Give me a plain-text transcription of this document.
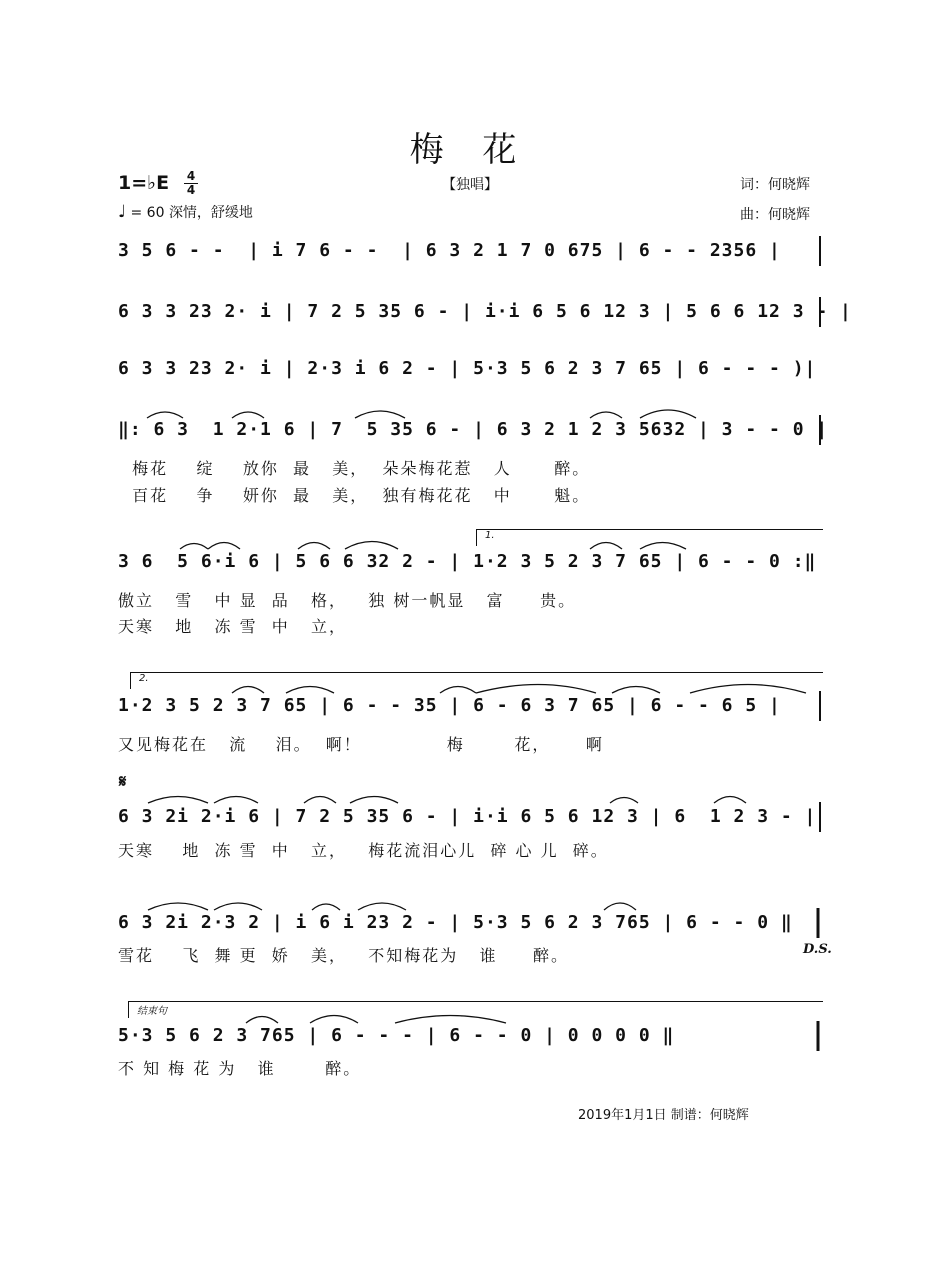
梅 花
1=♭E	4
4
♩ = 60 深情，舒缓地
【独唱】	词：何晓辉
曲：何晓辉
3 5 6 - -  | i 7 6 - -  | 6 3 2 1 7 0 675 | 6 - - 2356 |
6 3 3 23 2· i | 7 2 5 35 6 - | i·i 6 5 6 12 3 | 5 6 6 12 3 - |
6 3 3 23 2· i | 2·3 i 6 2 - | 5·3 5 6 2 3 7 65 | 6 - - - )|
‖: 6 3  1 2·1 6 | 7  5 35 6 - | 6 3 2 1 2 3 5632 | 3 - - 0 |
梅花    绽    放你  最   美，  朵朵梅花惹   人      醉。
百花    争    妍你  最   美，  独有梅花花   中      魁。
1.
3 6  5 6·i 6 | 5 6 6 32 2 - | 1·2 3 5 2 3 7 65 | 6 - - 0 :‖
傲立   雪   中 显  品   格，   独 树一帆显   富     贵。
天寒   地   冻 雪  中   立，
2.
1·2 3 5 2 3 7 65 | 6 - - 35 | 6 - 6 3 7 65 | 6 - - 6 5 |
又见梅花在   流    泪。  啊！            梅       花，     啊
𝄋
6 3 2i 2·i 6 | 7 2 5 35 6 - | i·i 6 5 6 12 3 | 6  1 2 3 - |
天寒    地  冻 雪  中   立，   梅花流泪心儿  碎 心 儿  碎。
6 3 2i 2·3 2 | i 6 i 23 2 - | 5·3 5 6 2 3 765 | 6 - - 0 ‖
雪花    飞  舞 更  娇   美，   不知梅花为   谁     醉。	D.S.
结束句
5·3 5 6 2 3 765 | 6 - - - | 6 - - 0 | 0 0 0 0 ‖
不 知 梅 花 为   谁       醉。
2019年1月1日 制谱：何晓辉
